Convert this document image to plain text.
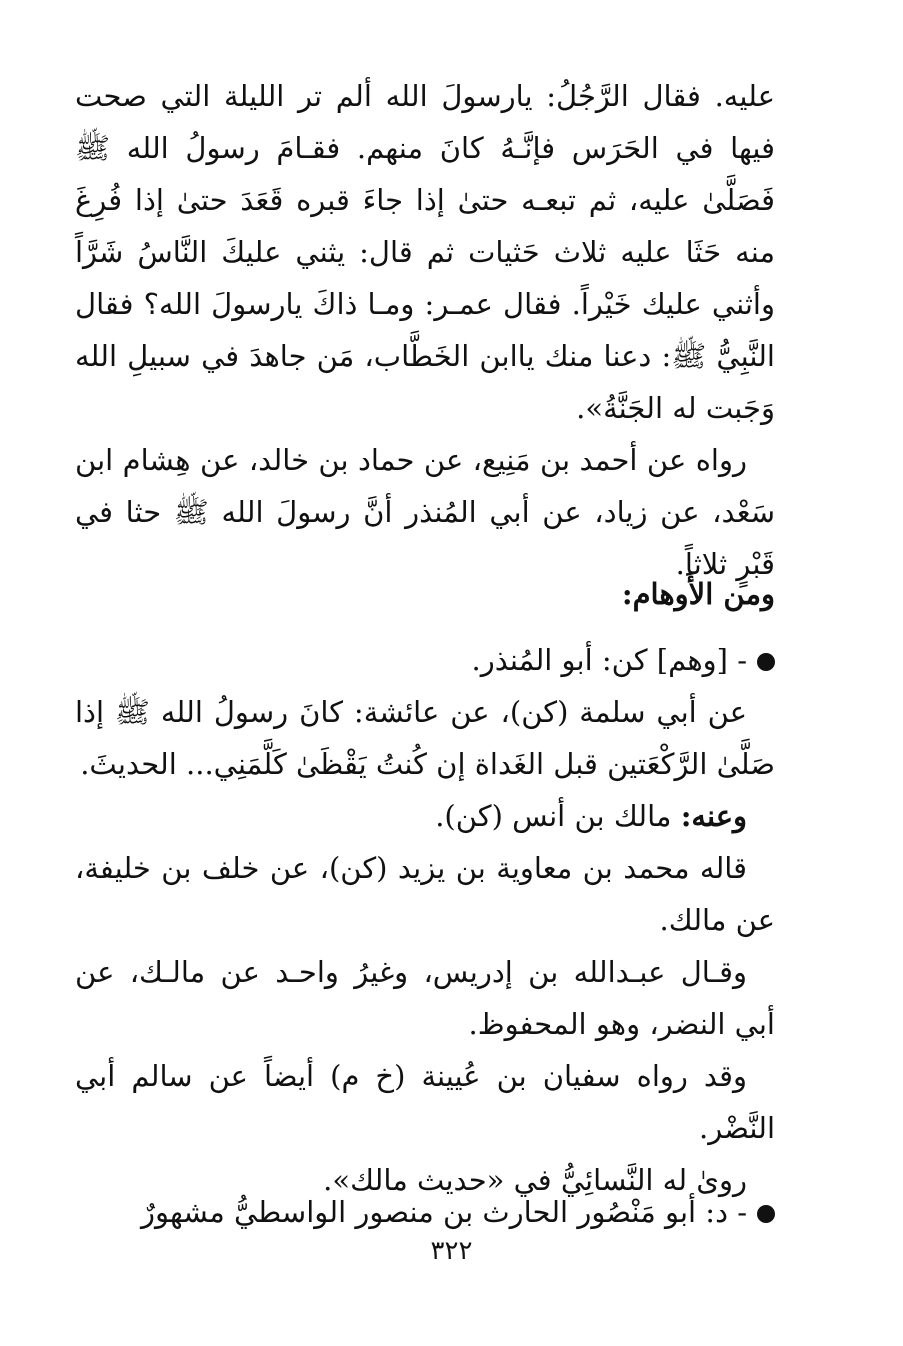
عليه. فقال الرَّجُلُ: يارسولَ الله ألم تر الليلة التي صحت فيها في الحَرَس فإنَّـهُ كانَ منهم. فقـامَ رسولُ الله ﷺ فَصَلَّىٰ عليه، ثم تبعـه حتىٰ إذا جاءَ قبره قَعَدَ حتىٰ إذا فُرِغَ منه حَثَا عليه ثلاث حَثيات ثم قال: يثني عليكَ النَّاسُ شَرَّاً وأثني عليك خَيْراً. فقال عمـر: ومـا ذاكَ يارسولَ الله؟ فقال النَّبِيُّ ﷺ: دعنا منك ياابن الخَطَّاب، مَن جاهدَ في سبيلِ الله وَجَبت له الجَنَّةُ».

رواه عن أحمد بن مَنِيع، عن حماد بن خالد، عن هِشام ابن سَعْد، عن زياد، عن أبي المُنذر أنَّ رسولَ الله ﷺ حثا في قَبْرٍ ثلاثاً.

ومن الأَوهام:

- [وهم] كن: أبو المُنذر.

عن أبي سلمة (كن)، عن عائشة: كانَ رسولُ الله ﷺ إذا صَلَّىٰ الرَّكْعَتين قبل الغَداة إن كُنتُ يَقْظَىٰ كَلَّمَنِي... الحديثَ.

وعنه: مالك بن أنس (كن).

قاله محمد بن معاوية بن يزيد (كن)، عن خلف بن خليفة، عن مالك.

وقـال عبـدالله بن إدريس، وغيرُ واحـد عن مالـك، عن أبي النضر، وهو المحفوظ.

وقد رواه سفيان بن عُيينة (خ م) أيضاً عن سالم أبي النَّضْر.

روىٰ له النَّسائِيُّ في «حديث مالك».

- د: أبو مَنْصُور الحارث بن منصور الواسطيُّ مشهورٌ

٣٢٢
